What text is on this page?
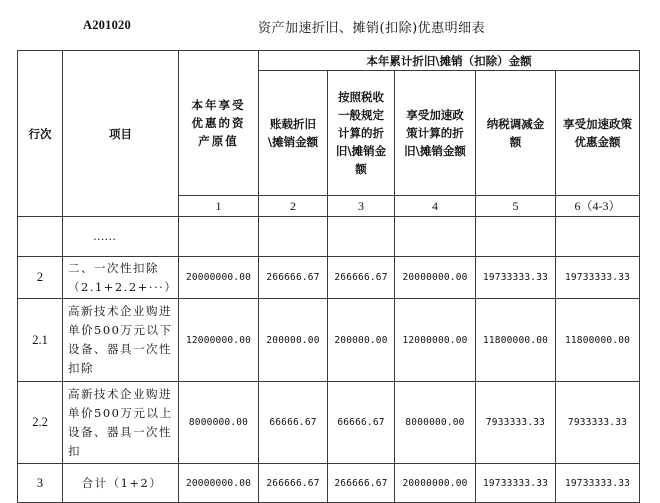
A201020	资产加速折旧、摊销(扣除)优惠明细表
行次	项目	本年享受优惠的资产原值	本年累计折旧\摊销（扣除）金额				
			账载折旧\摊销金额	按照税收一般规定计算的折旧\摊销金额	享受加速政策计算的折旧\摊销金额	纳税调减金额	享受加速政策优惠金额
		1	2	3	4	5	6（4-3）
	……						
2	二、一次性扣除（2.1+2.2+···）	20000000.00	266666.67	266666.67	20000000.00	19733333.33	19733333.33
2.1	高新技术企业购进单价500万元以下设备、器具一次性扣除	12000000.00	200000.00	200000.00	12000000.00	11800000.00	11800000.00
2.2	高新技术企业购进单价500万元以上设备、器具一次性扣	8000000.00	66666.67	66666.67	8000000.00	7933333.33	7933333.33
3	合计（1+2）	20000000.00	266666.67	266666.67	20000000.00	19733333.33	19733333.33
